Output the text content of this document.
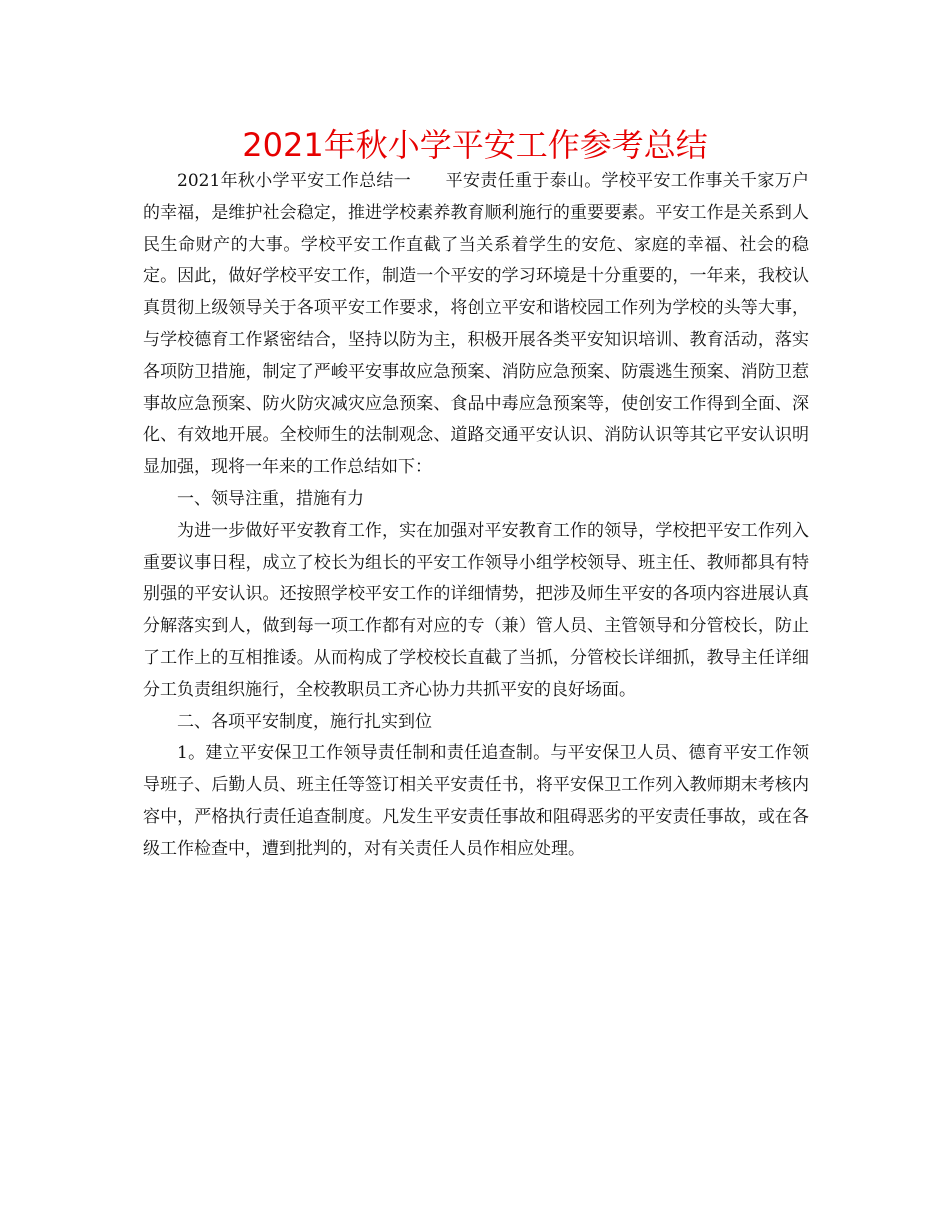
2021年秋小学平安工作参考总结

2021年秋小学平安工作总结一　　平安责任重于泰山。学校平安工作事关千家万户的幸福，是维护社会稳定，推进学校素养教育顺利施行的重要要素。平安工作是关系到人民生命财产的大事。学校平安工作直截了当关系着学生的安危、家庭的幸福、社会的稳定。因此，做好学校平安工作，制造一个平安的学习环境是十分重要的，一年来，我校认真贯彻上级领导关于各项平安工作要求，将创立平安和谐校园工作列为学校的头等大事，与学校德育工作紧密结合，坚持以防为主，积极开展各类平安知识培训、教育活动，落实各项防卫措施，制定了严峻平安事故应急预案、消防应急预案、防震逃生预案、消防卫惹事故应急预案、防火防灾减灾应急预案、食品中毒应急预案等，使创安工作得到全面、深化、有效地开展。全校师生的法制观念、道路交通平安认识、消防认识等其它平安认识明显加强，现将一年来的工作总结如下：

一、领导注重，措施有力

为进一步做好平安教育工作，实在加强对平安教育工作的领导，学校把平安工作列入重要议事日程，成立了校长为组长的平安工作领导小组学校领导、班主任、教师都具有特别强的平安认识。还按照学校平安工作的详细情势，把涉及师生平安的各项内容进展认真分解落实到人，做到每一项工作都有对应的专（兼）管人员、主管领导和分管校长，防止了工作上的互相推诿。从而构成了学校校长直截了当抓，分管校长详细抓，教导主任详细分工负责组织施行，全校教职员工齐心协力共抓平安的良好场面。

二、各项平安制度，施行扎实到位

1。建立平安保卫工作领导责任制和责任追查制。与平安保卫人员、德育平安工作领导班子、后勤人员、班主任等签订相关平安责任书，将平安保卫工作列入教师期末考核内容中，严格执行责任追查制度。凡发生平安责任事故和阻碍恶劣的平安责任事故，或在各级工作检查中，遭到批判的，对有关责任人员作相应处理。
